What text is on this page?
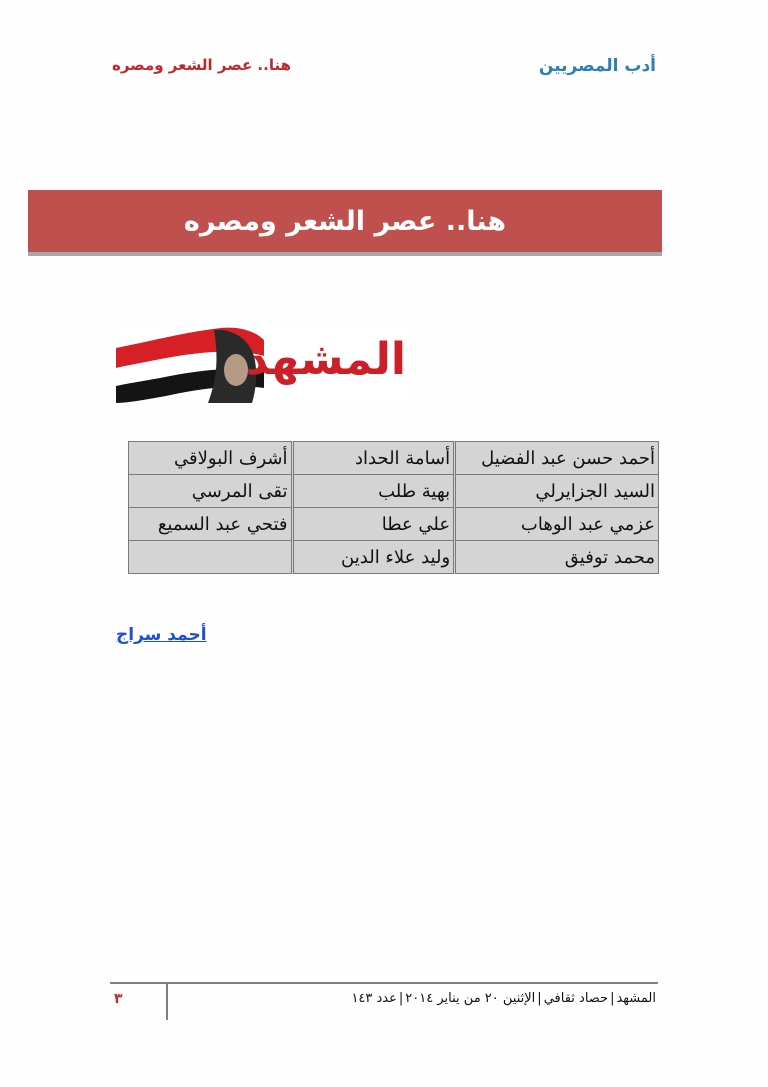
أدب المصريين
هنا.. عصر الشعر ومصره
هنا.. عصر الشعر ومصره
المشهد
أحمد حسن عبد الفضيل	أسامة الحداد	أشرف البولاقي
السيد الجزايرلي	بهية طلب	تقى المرسي
عزمي عبد الوهاب	علي عطا	فتحي عبد السميع
محمد توفيق	وليد علاء الدين	
أحمد سراج
المشهد|حصاد ثقافي|الإثنين ٢٠ من يناير ٢٠١٤|عدد ١٤٣
٣
